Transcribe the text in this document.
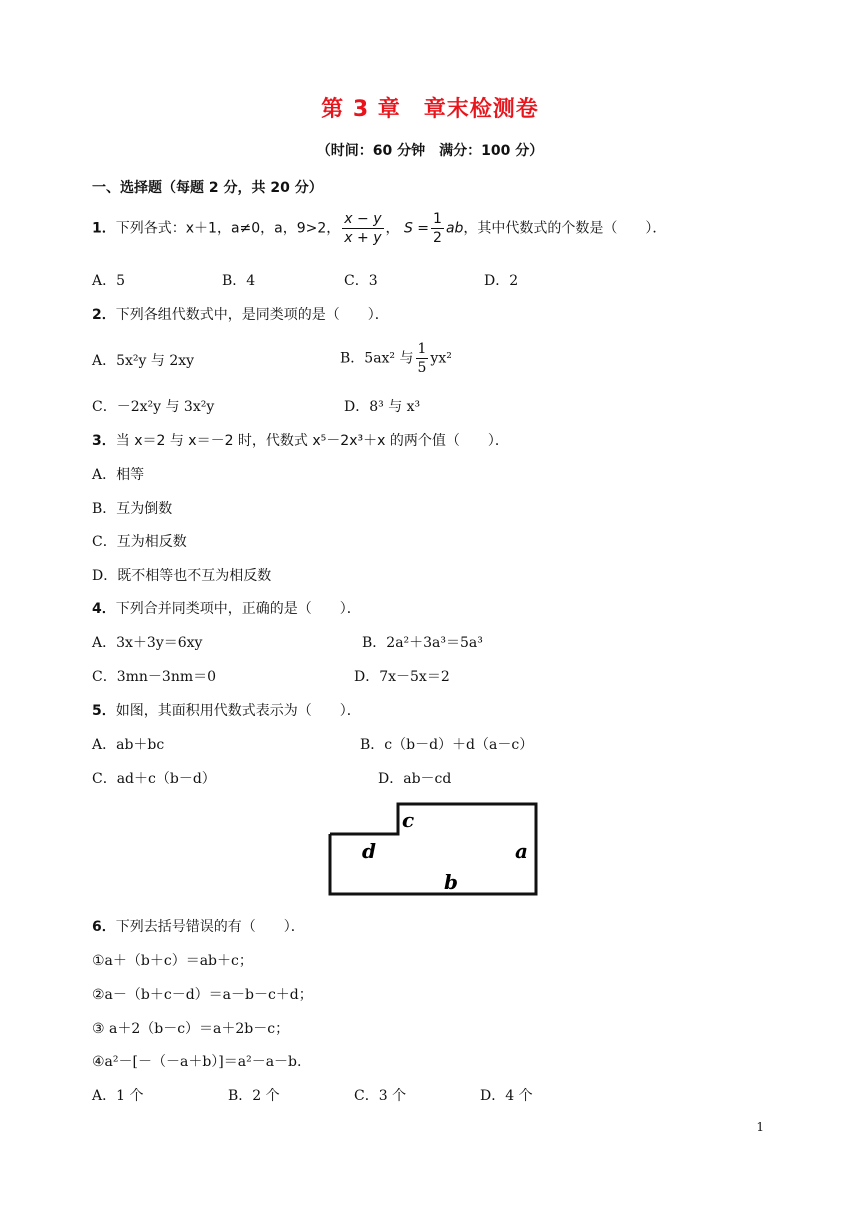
第 3 章　章末检测卷
（时间：60 分钟　满分：100 分）
一、选择题（每题 2 分，共 20 分）
1．下列各式：x＋1，a≠0，a，9>2， $\frac{x - y}{x + y}$ ， $S = \frac{1}{2}$ ab，其中代数式的个数是（　　）．
A．5	B．4	C．3	D．2
2．下列各组代数式中，是同类项的是（　　）．
A．5x²y 与 2xy	B．5ax² 与 $\frac{1}{5} yx^2$
C．－2x²y 与 3x²y	D．8³ 与 x³
3．当 x＝2 与 x＝－2 时，代数式 x⁵－2x³＋x 的两个值（　　）．
A．相等
B．互为倒数
C．互为相反数
D．既不相等也不互为相反数
4．下列合并同类项中，正确的是（　　）．
A．3x＋3y＝6xy	B．2a²＋3a³＝5a³
C．3mn－3nm＝0	D．7x－5x＝2
5．如图，其面积用代数式表示为（　　）．
A．ab＋bc	B．c（b－d）＋d（a－c）
C．ad＋c（b－d）	D．ab－cd
c
d	a
b
6．下列去括号错误的有（　　）．
①a＋（b＋c）＝ab＋c；
②a－（b＋c－d）＝a－b－c＋d；
③ a＋2（b－c）＝a＋2b－c；
④a²－[－（－a＋b）]＝a²－a－b.
A．1 个	B．2 个	C．3 个	D．4 个
1
